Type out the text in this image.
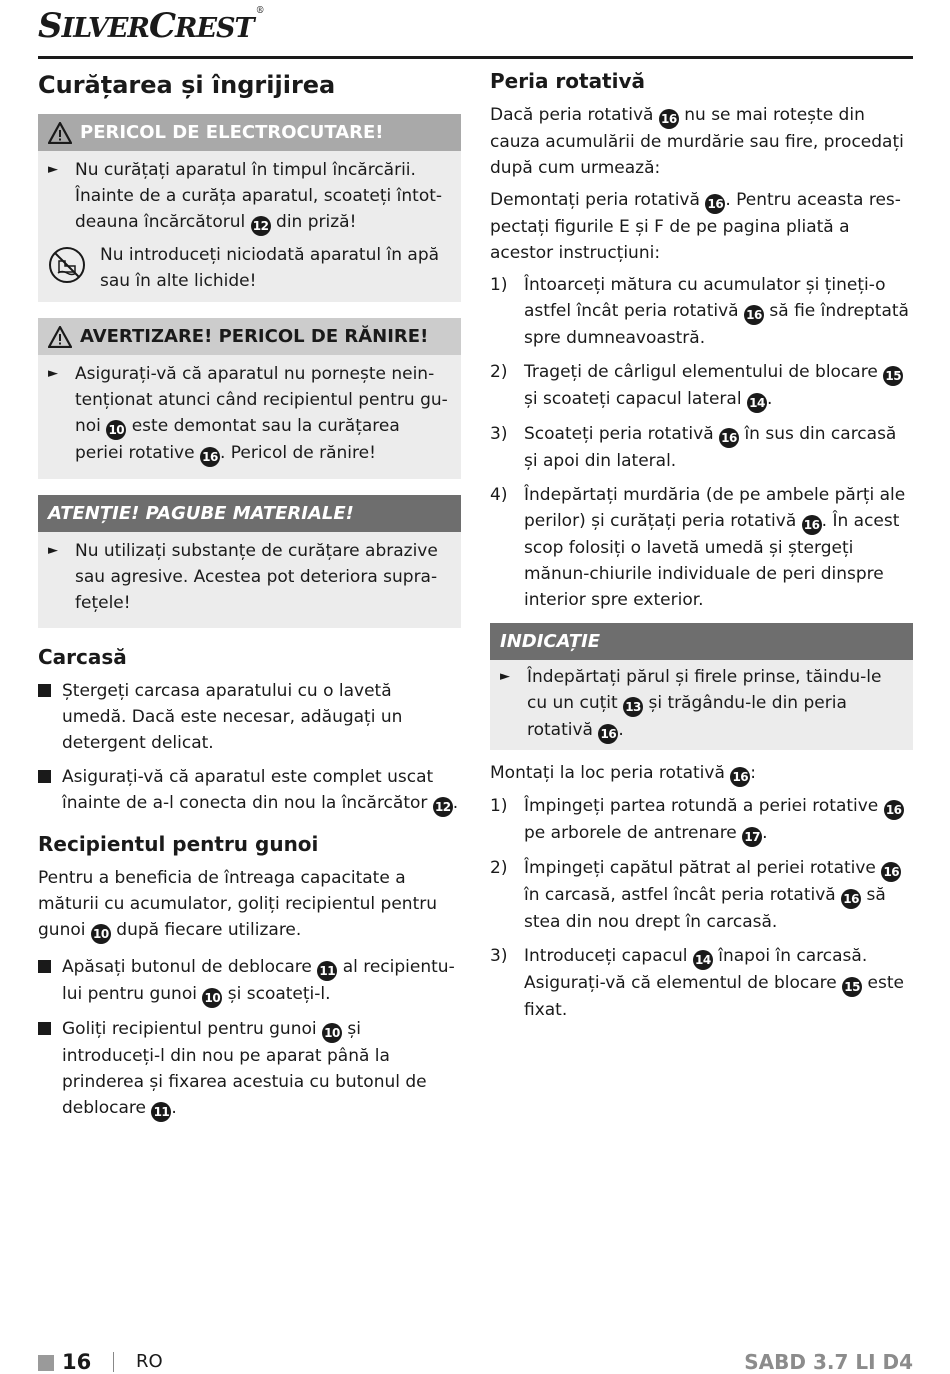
SILVERCREST®
Curățarea și îngrijirea
PERICOL DE ELECTROCUTARE!
►	Nu curățați aparatul în timpul încărcării. Înainte de a curăța aparatul, scoateți întot-deauna încărcătorul 12 din priză!
Nu introduceți niciodată aparatul în apă sau în alte lichide!
AVERTIZARE! PERICOL DE RĂNIRE!
►	Asigurați-vă că aparatul nu pornește nein-tenționat atunci când recipientul pentru gu-noi 10 este demontat sau la curățarea periei rotative 16 . Pericol de rănire!
ATENȚIE! PAGUBE MATERIALE!
►	Nu utilizați substanțe de curățare abrazive sau agresive. Acestea pot deteriora supra-fețele!
Carcasă
Ștergeți carcasa aparatului cu o lavetă umedă. Dacă este necesar, adăugați un detergent delicat.
Asigurați-vă că aparatul este complet uscat înainte de a-l conecta din nou la încărcător 12 .
Recipientul pentru gunoi
Pentru a beneficia de întreaga capacitate a măturii cu acumulator, goliți recipientul pentru gunoi 10 după fiecare utilizare.
Apăsați butonul de deblocare 11 al recipientu-lui pentru gunoi 10 și scoateți-l.
Goliți recipientul pentru gunoi 10 și introduceți-l din nou pe aparat până la prinderea și fixarea acestuia cu butonul de deblocare 11 .
Peria rotativă
Dacă peria rotativă 16 nu se mai rotește din cauza acumulării de murdărie sau fire, procedați după cum urmează:
Demontați peria rotativă 16 . Pentru aceasta res-pectați figurile E și F de pe pagina pliată a acestor instrucțiuni:
1) Întoarceți mătura cu acumulator și țineți-o astfel încât peria rotativă 16 să fie îndreptată spre dumneavoastră.
2) Trageți de cârligul elementului de blocare 15 și scoateți capacul lateral 14 .
3) Scoateți peria rotativă 16 în sus din carcasă și apoi din lateral.
4) Îndepărtați murdăria (de pe ambele părți ale perilor) și curățați peria rotativă 16 . În acest scop folosiți o lavetă umedă și ștergeți mănun-chiurile individuale de peri dinspre interior spre exterior.
INDICAȚIE
►	Îndepărtați părul și firele prinse, tăindu-le cu un cuțit 13 și trăgându-le din peria rotativă 16 .
Montați la loc peria rotativă 16 :
1) Împingeți partea rotundă a periei rotative 16 pe arborele de antrenare 17 .
2) Împingeți capătul pătrat al periei rotative 16 în carcasă, astfel încât peria rotativă 16 să stea din nou drept în carcasă.
3) Introduceți capacul 14 înapoi în carcasă. Asigurați-vă că elementul de blocare 15 este fixat.
16 RO	SABD 3.7 LI D4
